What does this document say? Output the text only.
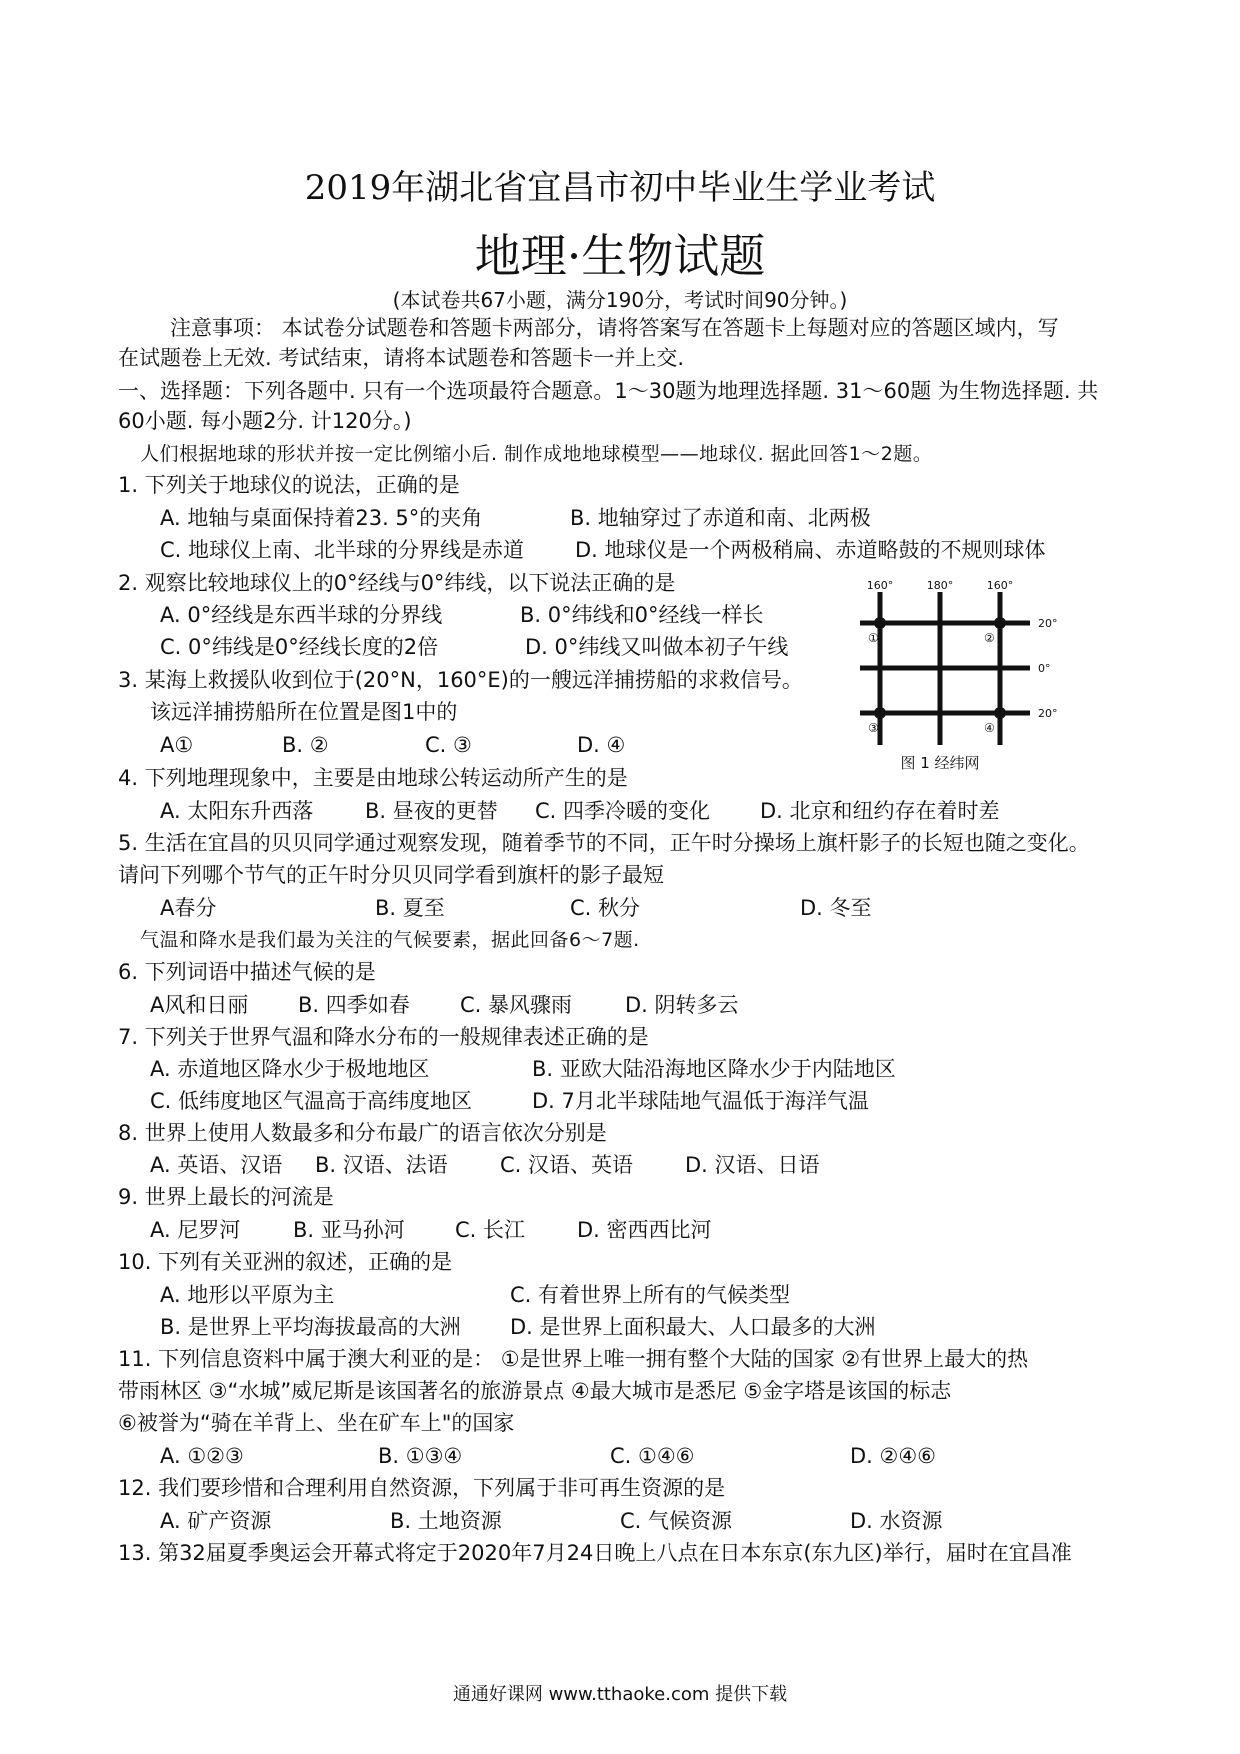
2019年湖北省宜昌市初中毕业生学业考试
地理·生物试题
(本试卷共67小题，满分190分，考试时间90分钟。)
注意事项： 本试卷分试题卷和答题卡两部分，请将答案写在答题卡上每题对应的答题区域内，写
在试题卷上无效. 考试结束，请将本试题卷和答题卡一并上交.
一、选择题：下列各题中. 只有一个选项最符合题意。1～30题为地理选择题. 31～60题 为生物选择题. 共
60小题. 每小题2分. 计120分。)
人们根据地球的形状并按一定比例缩小后. 制作成地地球模型——地球仪. 据此回答1～2题。
1. 下列关于地球仪的说法，正确的是
A. 地轴与桌面保持着23. 5°的夹角	B. 地轴穿过了赤道和南、北两极
C. 地球仪上南、北半球的分界线是赤道 D. 地球仪是一个两极稍扁、赤道略鼓的不规则球体
2. 观察比较地球仪上的0°经线与0°纬线，以下说法正确的是
A. 0°经线是东西半球的分界线	B. 0°纬线和0°经线一样长
C. 0°纬线是0°经线长度的2倍	D. 0°纬线又叫做本初子午线
3. 某海上救援队收到位于(20°N，160°E)的一艘远洋捕捞船的求救信号。
该远洋捕捞船所在位置是图1中的
A①	B. ②	C. ③	D. ④
160°	180°	160°
20°
0°
20°
①	②
③	④
图 1 经纬网
4. 下列地理现象中，主要是由地球公转运动所产生的是
A. 太阳东升西落 B. 昼夜的更替 C. 四季冷暖的变化 D. 北京和纽约存在着时差
5. 生活在宜昌的贝贝同学通过观察发现，随着季节的不同，正午时分操场上旗杆影子的长短也随之变化。
请问下列哪个节气的正午时分贝贝同学看到旗杆的影子最短
A春分	B. 夏至	C. 秋分	D. 冬至
气温和降水是我们最为关注的气候要素，据此回备6～7题.
6. 下列词语中描述气候的是
A风和日丽 B. 四季如春 C. 暴风骤雨	D. 阴转多云
7. 下列关于世界气温和降水分布的一般规律表述正确的是
A. 赤道地区降水少于极地地区	B. 亚欧大陆沿海地区降水少于内陆地区
C. 低纬度地区气温高于高纬度地区	D. 7月北半球陆地气温低于海洋气温
8. 世界上使用人数最多和分布最广的语言依次分别是
A. 英语、汉语 B. 汉语、法语 C. 汉语、英语 D. 汉语、日语
9. 世界上最长的河流是
A. 尼罗河	B. 亚马孙河 C. 长江 D. 密西西比河
10. 下列有关亚洲的叙述，正确的是
A. 地形以平原为主	C. 有着世界上所有的气候类型
B. 是世界上平均海拔最高的大洲 D. 是世界上面积最大、人口最多的大洲
11. 下列信息资料中属于澳大利亚的是： ①是世界上唯一拥有整个大陆的国家 ②有世界上最大的热
带雨林区 ③“水城”威尼斯是该国著名的旅游景点 ④最大城市是悉尼 ⑤金字塔是该国的标志
⑥被誉为“骑在羊背上、坐在矿车上"的国家
A. ①②③	B. ①③④	C. ①④⑥	D. ②④⑥
12. 我们要珍惜和合理利用自然资源，下列属于非可再生资源的是
A. 矿产资源	B. 土地资源	C. 气候资源	D. 水资源
13. 第32届夏季奥运会开幕式将定于2020年7月24日晚上八点在日本东京(东九区)举行，届时在宜昌准
通通好课网 www.tthaoke.com 提供下载
